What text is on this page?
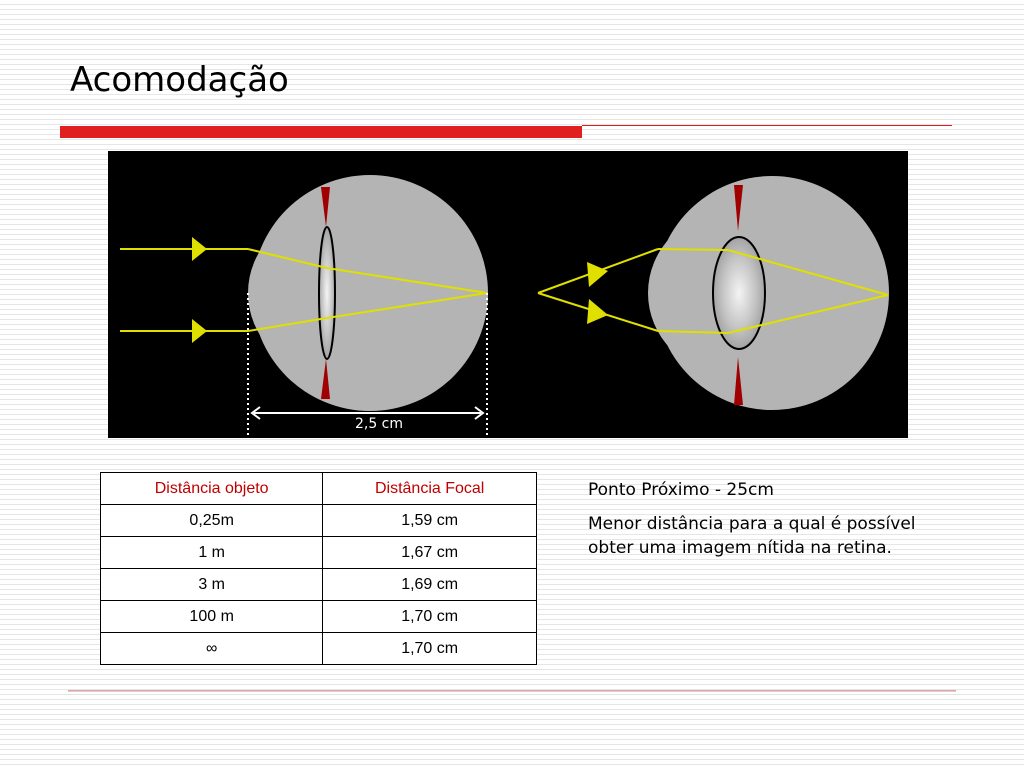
Acomodação
2,5 cm
Distância objeto	Distância Focal
0,25m	1,59 cm
1 m	1,67 cm
3 m	1,69 cm
100 m	1,70 cm
∞	1,70 cm

Ponto Próximo - 25cm

Menor distância para a qual é possível obter uma imagem nítida na retina.
